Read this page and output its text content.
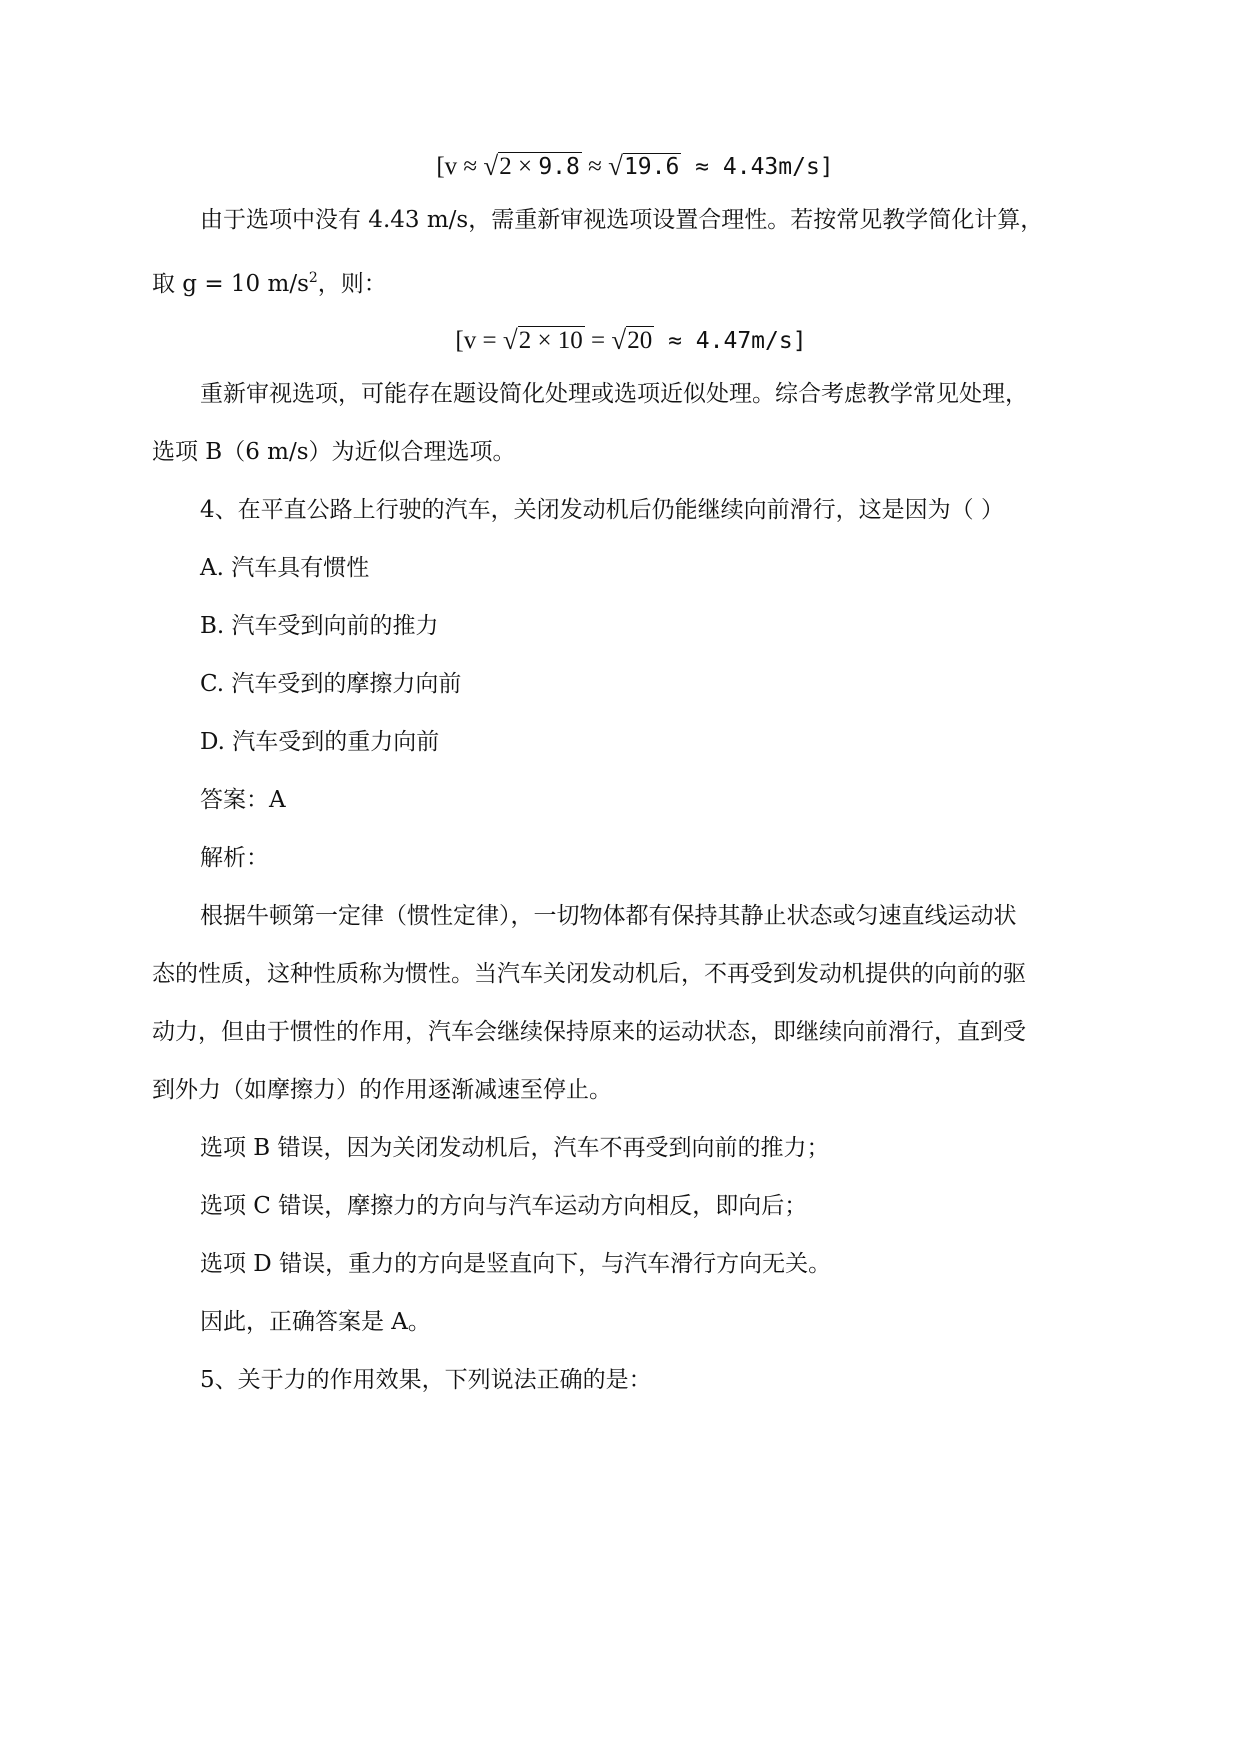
[v ≈ √2 × 9.8 ≈ √19.6 ≈ 4.43m/s]

由于选项中没有 4.43 m/s，需重新审视选项设置合理性。若按常见教学简化计算，

取 g = 10 $m/s^2$，则：

[v = √2 × 10 = √20 ≈ 4.47m/s]

重新审视选项，可能存在题设简化处理或选项近似处理。综合考虑教学常见处理，

选项 B（6 m/s）为近似合理选项。

4、在平直公路上行驶的汽车，关闭发动机后仍能继续向前滑行，这是因为（ ）

A. 汽车具有惯性

B. 汽车受到向前的推力

C. 汽车受到的摩擦力向前

D. 汽车受到的重力向前

答案：A

解析：

根据牛顿第一定律（惯性定律），一切物体都有保持其静止状态或匀速直线运动状

态的性质，这种性质称为惯性。当汽车关闭发动机后，不再受到发动机提供的向前的驱

动力，但由于惯性的作用，汽车会继续保持原来的运动状态，即继续向前滑行，直到受

到外力（如摩擦力）的作用逐渐减速至停止。

选项 B 错误，因为关闭发动机后，汽车不再受到向前的推力；

选项 C 错误，摩擦力的方向与汽车运动方向相反，即向后；

选项 D 错误，重力的方向是竖直向下，与汽车滑行方向无关。

因此，正确答案是 A。

5、关于力的作用效果，下列说法正确的是：
